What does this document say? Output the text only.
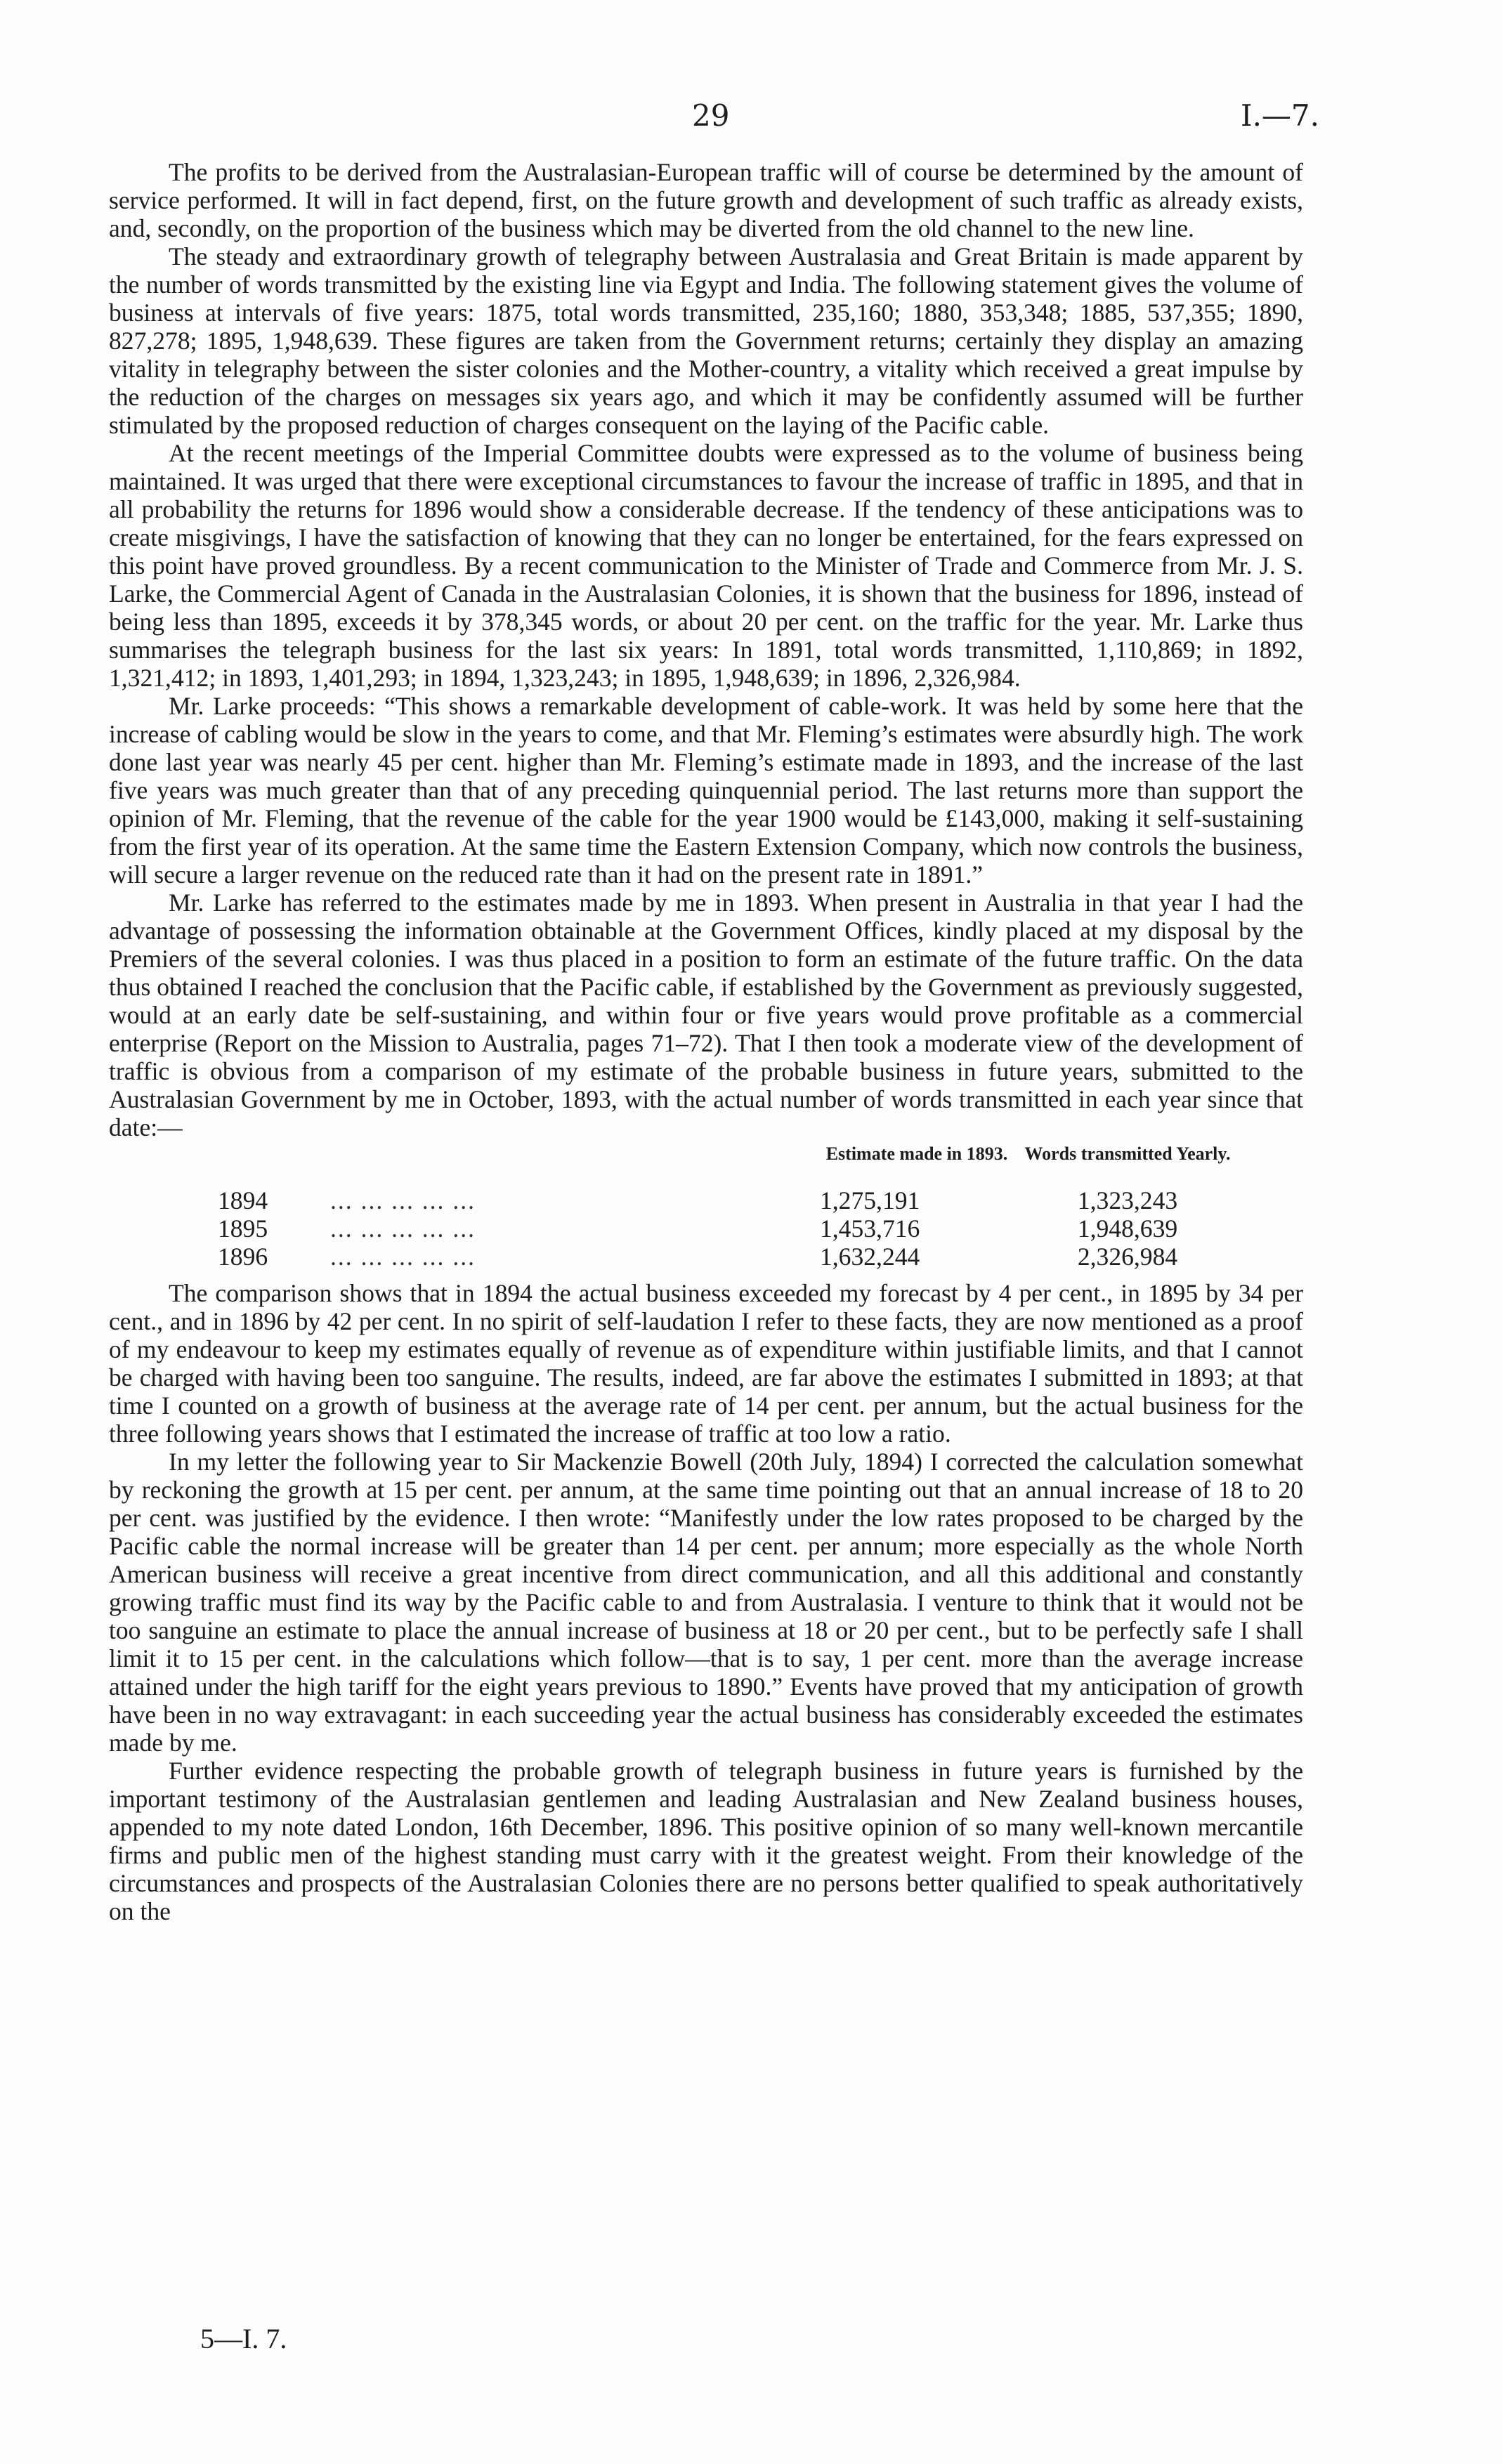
29	I.—7.

The profits to be derived from the Australasian-European traffic will of course be determined by the amount of service performed. It will in fact depend, first, on the future growth and development of such traffic as already exists, and, secondly, on the proportion of the business which may be diverted from the old channel to the new line.

The steady and extraordinary growth of telegraphy between Australasia and Great Britain is made apparent by the number of words transmitted by the existing line via Egypt and India. The following statement gives the volume of business at intervals of five years: 1875, total words transmitted, 235,160; 1880, 353,348; 1885, 537,355; 1890, 827,278; 1895, 1,948,639. These figures are taken from the Government returns; certainly they display an amazing vitality in telegraphy between the sister colonies and the Mother-country, a vitality which received a great impulse by the reduction of the charges on messages six years ago, and which it may be confidently assumed will be further stimulated by the proposed reduction of charges consequent on the laying of the Pacific cable.

At the recent meetings of the Imperial Committee doubts were expressed as to the volume of business being maintained. It was urged that there were exceptional circumstances to favour the increase of traffic in 1895, and that in all probability the returns for 1896 would show a considerable decrease. If the tendency of these anticipations was to create misgivings, I have the satisfaction of knowing that they can no longer be entertained, for the fears expressed on this point have proved groundless. By a recent communication to the Minister of Trade and Commerce from Mr. J. S. Larke, the Commercial Agent of Canada in the Australasian Colonies, it is shown that the business for 1896, instead of being less than 1895, exceeds it by 378,345 words, or about 20 per cent. on the traffic for the year. Mr. Larke thus summarises the telegraph business for the last six years: In 1891, total words transmitted, 1,110,869; in 1892, 1,321,412; in 1893, 1,401,293; in 1894, 1,323,243; in 1895, 1,948,639; in 1896, 2,326,984.

Mr. Larke proceeds: “This shows a remarkable development of cable-work. It was held by some here that the increase of cabling would be slow in the years to come, and that Mr. Fleming’s estimates were absurdly high. The work done last year was nearly 45 per cent. higher than Mr. Fleming’s estimate made in 1893, and the increase of the last five years was much greater than that of any preceding quinquennial period. The last returns more than support the opinion of Mr. Fleming, that the revenue of the cable for the year 1900 would be £143,000, making it self-sustaining from the first year of its operation. At the same time the Eastern Extension Company, which now controls the business, will secure a larger revenue on the reduced rate than it had on the present rate in 1891.”

Mr. Larke has referred to the estimates made by me in 1893. When present in Australia in that year I had the advantage of possessing the information obtainable at the Government Offices, kindly placed at my disposal by the Premiers of the several colonies. I was thus placed in a position to form an estimate of the future traffic. On the data thus obtained I reached the conclusion that the Pacific cable, if established by the Government as previously suggested, would at an early date be self-sustaining, and within four or five years would prove profitable as a commercial enterprise (Report on the Mission to Australia, pages 71–72). That I then took a moderate view of the development of traffic is obvious from a comparison of my estimate of the probable business in future years, submitted to the Australasian Government by me in October, 1893, with the actual number of words transmitted in each year since that date:—

Estimate made in 1893. Words transmitted Yearly.
1894	... ... ... ... ...	1,275,191	1,323,243
1895	... ... ... ... ...	1,453,716	1,948,639
1896	... ... ... ... ...	1,632,244	2,326,984

The comparison shows that in 1894 the actual business exceeded my forecast by 4 per cent., in 1895 by 34 per cent., and in 1896 by 42 per cent. In no spirit of self-laudation I refer to these facts, they are now mentioned as a proof of my endeavour to keep my estimates equally of revenue as of expenditure within justifiable limits, and that I cannot be charged with having been too sanguine. The results, indeed, are far above the estimates I submitted in 1893; at that time I counted on a growth of business at the average rate of 14 per cent. per annum, but the actual business for the three following years shows that I estimated the increase of traffic at too low a ratio.

In my letter the following year to Sir Mackenzie Bowell (20th July, 1894) I corrected the calculation somewhat by reckoning the growth at 15 per cent. per annum, at the same time pointing out that an annual increase of 18 to 20 per cent. was justified by the evidence. I then wrote: “Manifestly under the low rates proposed to be charged by the Pacific cable the normal increase will be greater than 14 per cent. per annum; more especially as the whole North American business will receive a great incentive from direct communication, and all this additional and constantly growing traffic must find its way by the Pacific cable to and from Australasia. I venture to think that it would not be too sanguine an estimate to place the annual increase of business at 18 or 20 per cent., but to be perfectly safe I shall limit it to 15 per cent. in the calculations which follow—that is to say, 1 per cent. more than the average increase attained under the high tariff for the eight years previous to 1890.” Events have proved that my anticipation of growth have been in no way extravagant: in each succeeding year the actual business has considerably exceeded the estimates made by me.

Further evidence respecting the probable growth of telegraph business in future years is furnished by the important testimony of the Australasian gentlemen and leading Australasian and New Zealand business houses, appended to my note dated London, 16th December, 1896. This positive opinion of so many well-known mercantile firms and public men of the highest standing must carry with it the greatest weight. From their knowledge of the circumstances and prospects of the Australasian Colonies there are no persons better qualified to speak authoritatively on the

5—I. 7.
